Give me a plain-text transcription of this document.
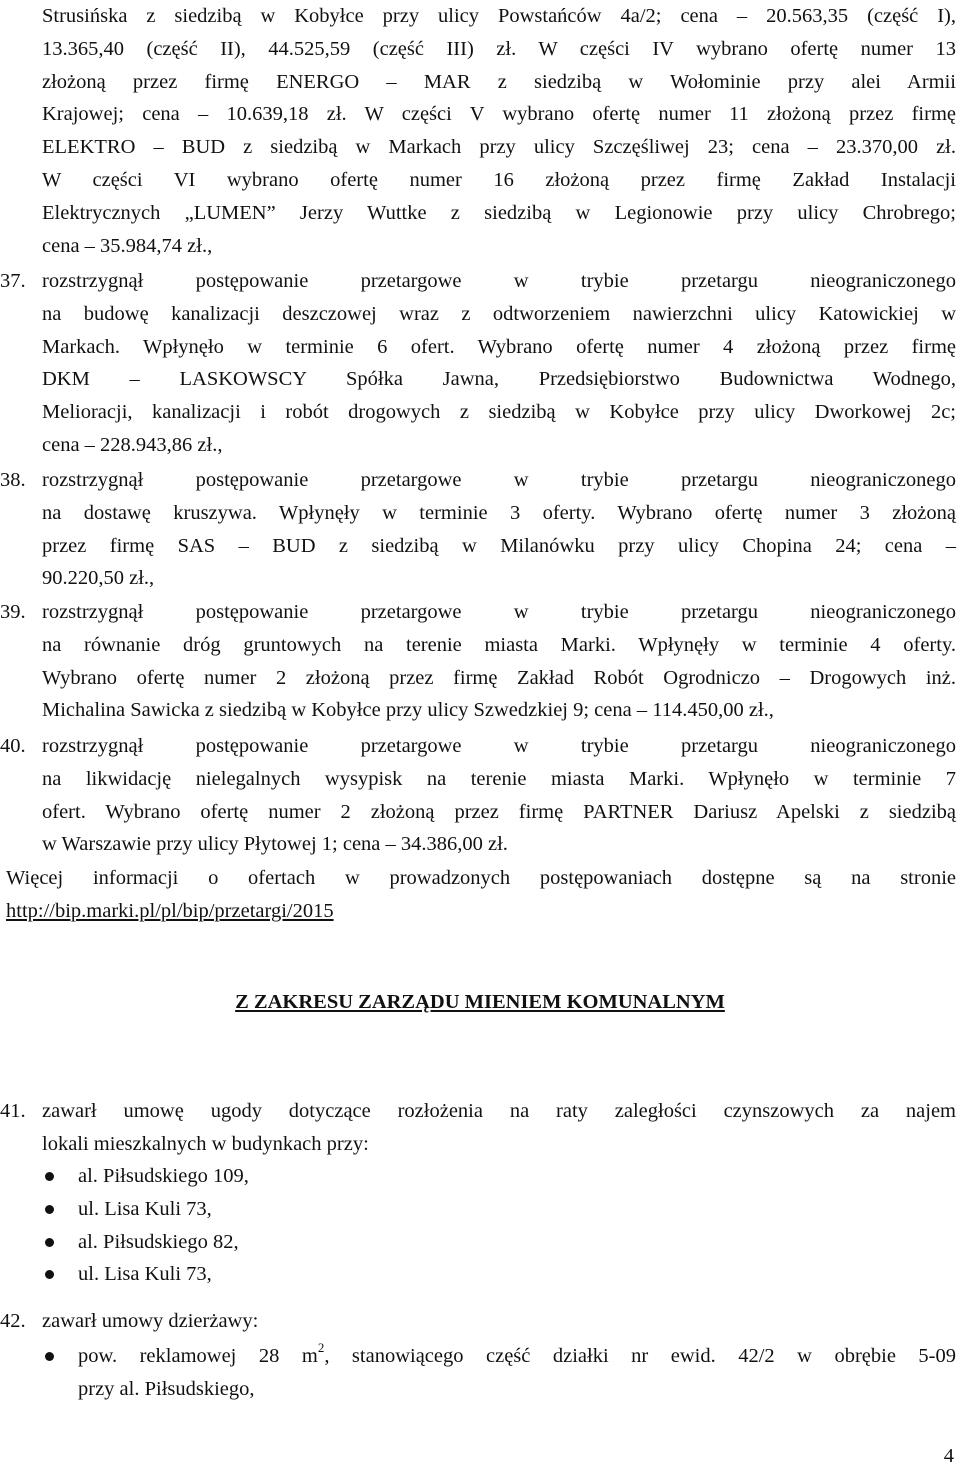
Strusińska z siedzibą w Kobyłce przy ulicy Powstańców 4a/2; cena – 20.563,35 (część I),
13.365,40 (część II), 44.525,59 (część III) zł. W części IV wybrano ofertę numer 13
złożoną przez firmę ENERGO – MAR z siedzibą w Wołominie przy alei Armii
Krajowej; cena – 10.639,18 zł. W części V wybrano ofertę numer 11 złożoną przez firmę
ELEKTRO – BUD z siedzibą w Markach przy ulicy Szczęśliwej 23; cena – 23.370,00 zł.
W części VI wybrano ofertę numer 16 złożoną przez firmę Zakład Instalacji
Elektrycznych „LUMEN” Jerzy Wuttke z siedzibą w Legionowie przy ulicy Chrobrego;
cena – 35.984,74 zł.,
37. rozstrzygnął postępowanie przetargowe w trybie przetargu nieograniczonego
na budowę kanalizacji deszczowej wraz z odtworzeniem nawierzchni ulicy Katowickiej w
Markach. Wpłynęło w terminie 6 ofert. Wybrano ofertę numer 4 złożoną przez firmę
DKM – LASKOWSCY Spółka Jawna, Przedsiębiorstwo Budownictwa Wodnego,
Melioracji, kanalizacji i robót drogowych z siedzibą w Kobyłce przy ulicy Dworkowej 2c;
cena – 228.943,86 zł.,
38. rozstrzygnął postępowanie przetargowe w trybie przetargu nieograniczonego
na dostawę kruszywa. Wpłynęły w terminie 3 oferty. Wybrano ofertę numer 3 złożoną
przez firmę SAS – BUD z siedzibą w Milanówku przy ulicy Chopina 24; cena –
90.220,50 zł.,
39. rozstrzygnął postępowanie przetargowe w trybie przetargu nieograniczonego
na równanie dróg gruntowych na terenie miasta Marki. Wpłynęły w terminie 4 oferty.
Wybrano ofertę numer 2 złożoną przez firmę Zakład Robót Ogrodniczo – Drogowych inż.
Michalina Sawicka z siedzibą w Kobyłce przy ulicy Szwedzkiej 9; cena – 114.450,00 zł.,
40. rozstrzygnął postępowanie przetargowe w trybie przetargu nieograniczonego
na likwidację nielegalnych wysypisk na terenie miasta Marki. Wpłynęło w terminie 7
ofert. Wybrano ofertę numer 2 złożoną przez firmę PARTNER Dariusz Apelski z siedzibą
w Warszawie przy ulicy Płytowej 1; cena – 34.386,00 zł.
Więcej informacji o ofertach w prowadzonych postępowaniach dostępne są na stronie
http://bip.marki.pl/pl/bip/przetargi/2015
Z ZAKRESU ZARZĄDU MIENIEM KOMUNALNYM
41. zawarł umowę ugody dotyczące rozłożenia na raty zaległości czynszowych za najem
lokali mieszkalnych w budynkach przy:
al. Piłsudskiego 109,
ul. Lisa Kuli 73,
al. Piłsudskiego 82,
ul. Lisa Kuli 73,
42. zawarł umowy dzierżawy:
pow. reklamowej 28 $m^2$, stanowiącego część działki nr ewid. 42/2 w obrębie 5-09
przy al. Piłsudskiego,
4
